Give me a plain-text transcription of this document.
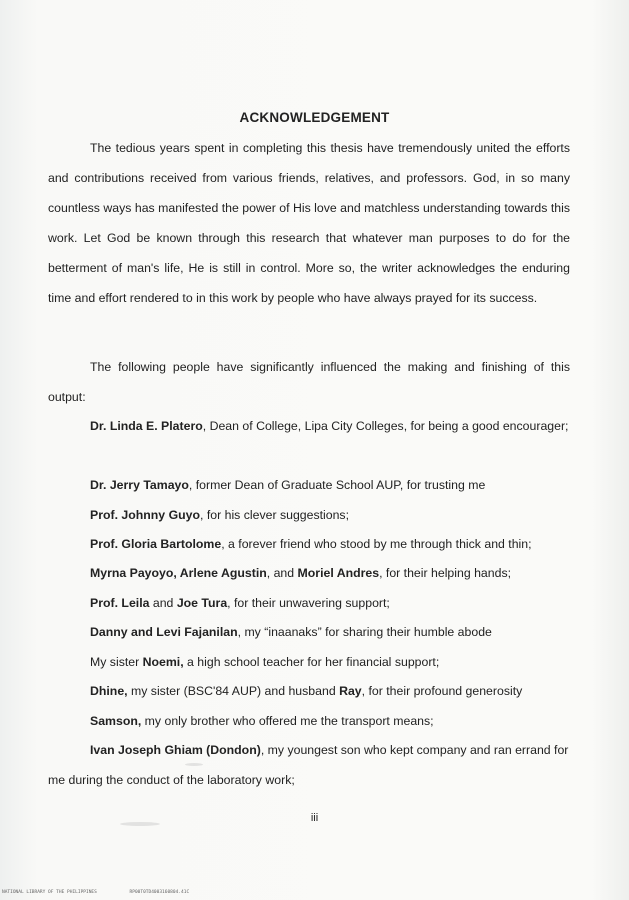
ACKNOWLEDGEMENT
The tedious years spent in completing this thesis have tremendously united the efforts and contributions received from various friends, relatives, and professors. God, in so many countless ways has manifested the power of His love and matchless understanding towards this work. Let God be known through this research that whatever man purposes to do for the betterment of man's life, He is still in control. More so, the writer acknowledges the enduring time and effort rendered to in this work by people who have always prayed for its success.
The following people have significantly influenced the making and finishing of this output:
Dr. Linda E. Platero, Dean of College, Lipa City Colleges, for being a good encourager;
Dr. Jerry Tamayo, former Dean of Graduate School AUP, for trusting me
Prof. Johnny Guyo, for his clever suggestions;
Prof. Gloria Bartolome, a forever friend who stood by me through thick and thin;
Myrna Payoyo, Arlene Agustin, and Moriel Andres, for their helping hands;
Prof. Leila and Joe Tura, for their unwavering support;
Danny and Levi Fajanilan, my “inaanaks” for sharing their humble abode
My sister Noemi, a high school teacher for her financial support;
Dhine, my sister (BSC'84 AUP) and husband Ray, for their profound generosity
Samson, my only brother who offered me the transport means;
Ivan Joseph Ghiam (Dondon), my youngest son who kept company and ran errand for me during the conduct of the laboratory work;
iii
NATIONAL LIBRARY OF THE PHILIPPINES	RP00T0TD4003160804.41C
